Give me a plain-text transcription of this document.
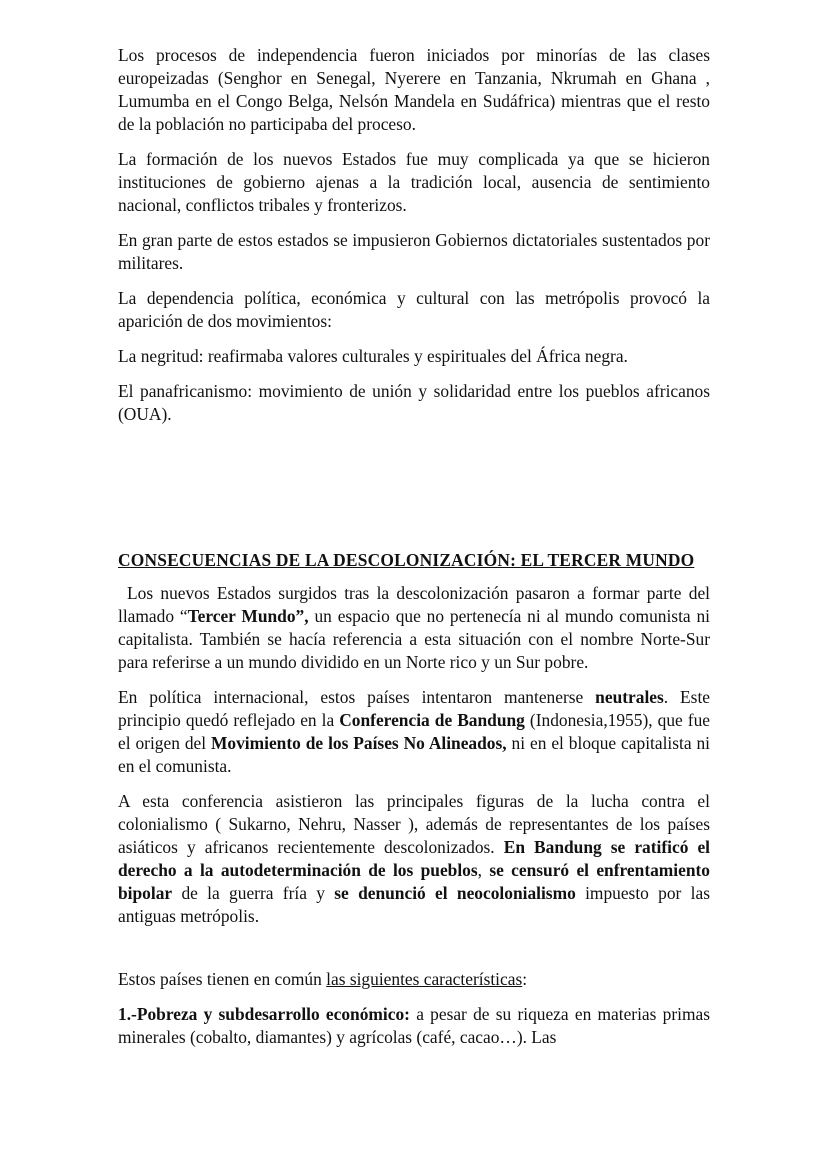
Los procesos de independencia fueron iniciados por minorías de las clases europeizadas (Senghor en Senegal, Nyerere en Tanzania, Nkrumah en Ghana , Lumumba en el Congo Belga, Nelsón Mandela en Sudáfrica) mientras que el resto de la población no participaba del proceso.

La formación de los nuevos Estados fue muy complicada ya que se hicieron instituciones de gobierno ajenas a la tradición local, ausencia de sentimiento nacional, conflictos tribales y fronterizos.

En gran parte de estos estados se impusieron Gobiernos dictatoriales sustentados por militares.

La dependencia política, económica y cultural con las metrópolis provocó la aparición de dos movimientos:

La negritud: reafirmaba valores culturales y espirituales del África negra.

El panafricanismo: movimiento de unión y solidaridad entre los pueblos africanos (OUA).

CONSECUENCIAS DE LA DESCOLONIZACIÓN: EL TERCER MUNDO

Los nuevos Estados surgidos tras la descolonización pasaron a formar parte del llamado “Tercer Mundo”, un espacio que no pertenecía ni al mundo comunista ni capitalista. También se hacía referencia a esta situación con el nombre Norte-Sur para referirse a un mundo dividido en un Norte rico y un Sur pobre.

En política internacional, estos países intentaron mantenerse neutrales. Este principio quedó reflejado en la Conferencia de Bandung (Indonesia,1955), que fue el origen del Movimiento de los Países No Alineados, ni en el bloque capitalista ni en el comunista.

A esta conferencia asistieron las principales figuras de la lucha contra el colonialismo ( Sukarno, Nehru, Nasser ), además de representantes de los países asiáticos y africanos recientemente descolonizados. En Bandung se ratificó el derecho a la autodeterminación de los pueblos, se censuró el enfrentamiento bipolar de la guerra fría y se denunció el neocolonialismo impuesto por las antiguas metrópolis.

Estos países tienen en común las siguientes características:

1.-Pobreza y subdesarrollo económico: a pesar de su riqueza en materias primas minerales (cobalto, diamantes) y agrícolas (café, cacao…). Las
